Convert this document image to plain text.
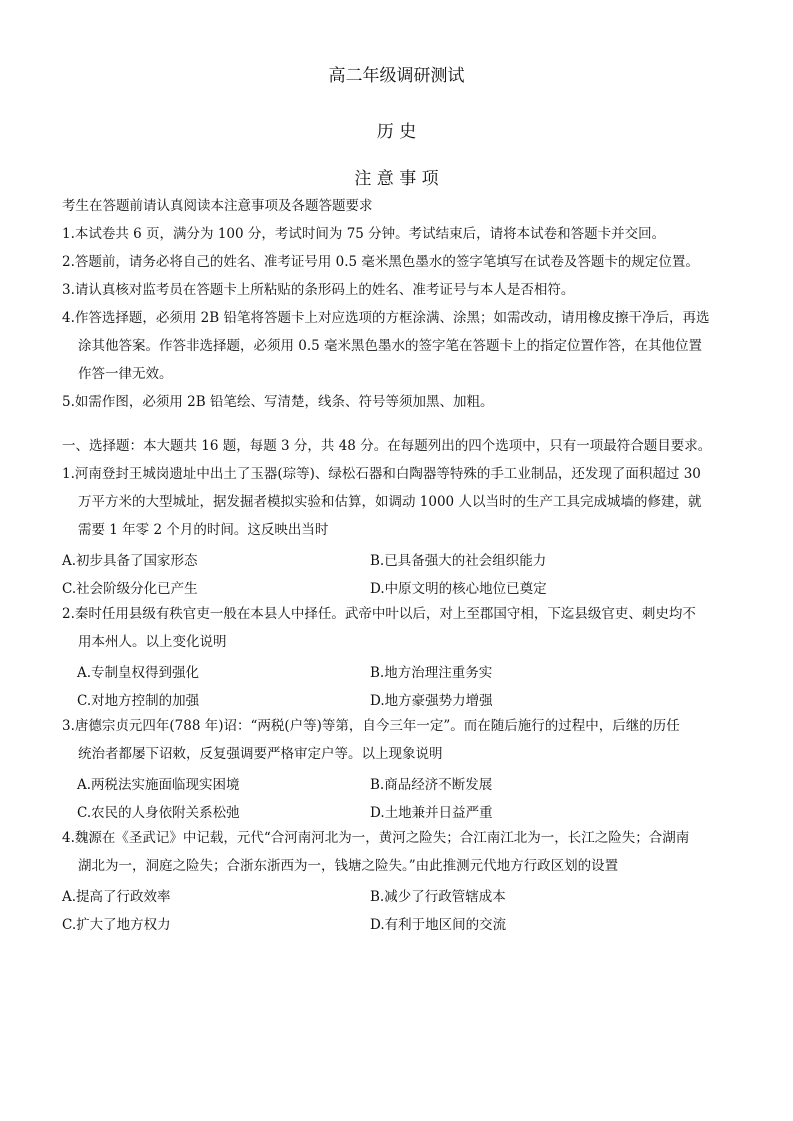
高二年级调研测试
历 史
注 意 事 项
考生在答题前请认真阅读本注意事项及各题答题要求
1.本试卷共 6 页，满分为 100 分，考试时间为 75 分钟。考试结束后，请将本试卷和答题卡并交回。
2.答题前，请务必将自己的姓名、准考证号用 0.5 毫米黑色墨水的签字笔填写在试卷及答题卡的规定位置。
3.请认真核对监考员在答题卡上所粘贴的条形码上的姓名、准考证号与本人是否相符。
4.作答选择题，必须用 2B 铅笔将答题卡上对应选项的方框涂满、涂黑；如需改动，请用橡皮擦干净后，再选
涂其他答案。作答非选择题，必须用 0.5 毫米黑色墨水的签字笔在答题卡上的指定位置作答，在其他位置
作答一律无效。
5.如需作图，必须用 2B 铅笔绘、写清楚，线条、符号等须加黑、加粗。
一、选择题：本大题共 16 题，每题 3 分，共 48 分。在每题列出的四个选项中，只有一项最符合题目要求。
1.河南登封王城岗遗址中出土了玉器(琮等)、绿松石器和白陶器等特殊的手工业制品，还发现了面积超过 30
万平方米的大型城址，据发掘者模拟实验和估算，如调动 1000 人以当时的生产工具完成城墙的修建，就
需要 1 年零 2 个月的时间。这反映出当时
A.初步具备了国家形态	B.已具备强大的社会组织能力
C.社会阶级分化已产生	D.中原文明的核心地位已奠定
2.秦时任用县级有秩官吏一般在本县人中择任。武帝中叶以后，对上至郡国守相，下迄县级官吏、刺史均不
用本州人。以上变化说明
A.专制皇权得到强化	B.地方治理注重务实
C.对地方控制的加强	D.地方豪强势力增强
3.唐德宗贞元四年(788 年)诏：“两税(户等)等第，自今三年一定”。而在随后施行的过程中，后继的历任
统治者都屡下诏敕，反复强调要严格审定户等。以上现象说明
A.两税法实施面临现实困境	B.商品经济不断发展
C.农民的人身依附关系松弛	D.土地兼并日益严重
4.魏源在《圣武记》中记载，元代“合河南河北为一，黄河之险失；合江南江北为一，长江之险失；合湖南
湖北为一，洞庭之险失；合浙东浙西为一，钱塘之险失。”由此推测元代地方行政区划的设置
A.提高了行政效率	B.减少了行政管辖成本
C.扩大了地方权力	D.有利于地区间的交流
